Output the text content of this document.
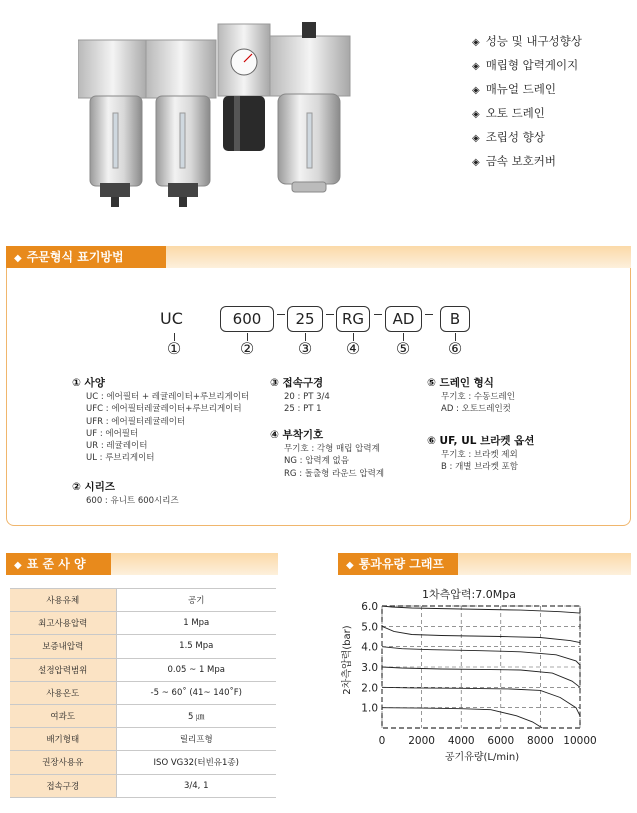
◈ 성능 및 내구성향상
◈ 매립형 압력게이지
◈ 매뉴얼 드레인
◈ 오토 드레인
◈ 조립성 향상
◈ 금속 보호커버
◆ 주문형식 표기방법
UC	600	25	RG	AD	B
①	②	③ ④ ⑤ ⑥
① 사양
UC : 에어필터 + 레귤레이터+루브리게이터
UFC : 에어필터레귤레이터+루브리게이터
UFR : 에어필터레귤레이터
UF : 에어필터
UR : 레귤레이터
UL : 루브리게이터
② 시리즈
600 : 유니트 600시리즈
③ 접속구경
20 : PT 3/4
25 : PT 1
④ 부착기호
무기호 : 각형 매립 압력계
NG : 압력계 없음
RG : 돌출형 라운드 압력계
⑤ 드레인 형식
무기호 : 수동드레인
AD : 오토드레인컷
⑥ UF, UL 브라켓 옵션
무기호 : 브라켓 제외
B : 개별 브라켓 포함
◆ 표 준 사 양
사용유체	공기
최고사용압력	1 Mpa
보증내압력	1.5 Mpa
설정압력범위	0.05 ~ 1 Mpa
사용온도	-5 ~ 60˚ (41~ 140˚F)
여과도	5 ㎛
배기형태	릴리프형
권장사용유	ISO VG32(터빈유1종)
접속구경	3/4, 1
◆ 통과유량 그래프
1차측압력:7.0Mpa
2차측압력(bar)
공기유량(L/min)
0 2000 4000 6000 8000 10000
1.0
2.0
3.0
4.0
5.0
6.0
